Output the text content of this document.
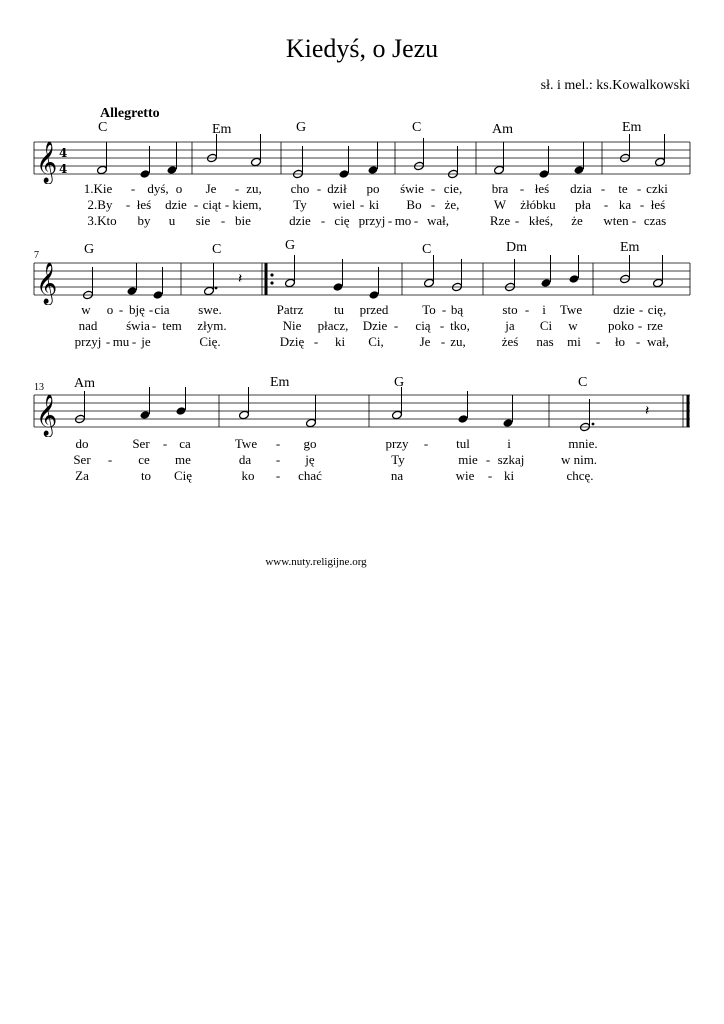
Kiedyś, o Jezu
sł. i mel.: ks.Kowalkowski
Allegretto
C	Em	G	C	Am	Em
𝄞 4
4
1.Kie - dyś, o Je - zu, cho - dził po świe - cie, bra - łeś dzia - te - czki
2.By - łeś dzie - ciąt - kiem, Ty wiel - ki Bo - że,	W żłóbku pła - ka - łeś
3.Kto by u sie - bie	dzie - cię przyj - mo - wał,	Rze - kłeś, że wten - czas
7	G	C	G	C	Dm	Em
𝄞	𝄽
w o - bję - cia swe.	Patrz tu przed	To - bą	sto - i Twe dzie - cię,
nad świa - tem złym.	Nie płacz, Dzie - cią - tko,	ja Ci w poko - rze
przyj - mu - je	Cię.	Dzię - ki Ci,	Je - zu,	żeś nas mi - ło - wał,
13 Am	Em	G	C
𝄞	𝄽
do	Ser - ca	Twe - go	przy - tul	i	mnie.
Ser - ce me	da - ję	Ty	mie - szkaj	w nim.
Za	to Cię	ko - chać	na	wie - ki	chcę.
www.nuty.religijne.org
